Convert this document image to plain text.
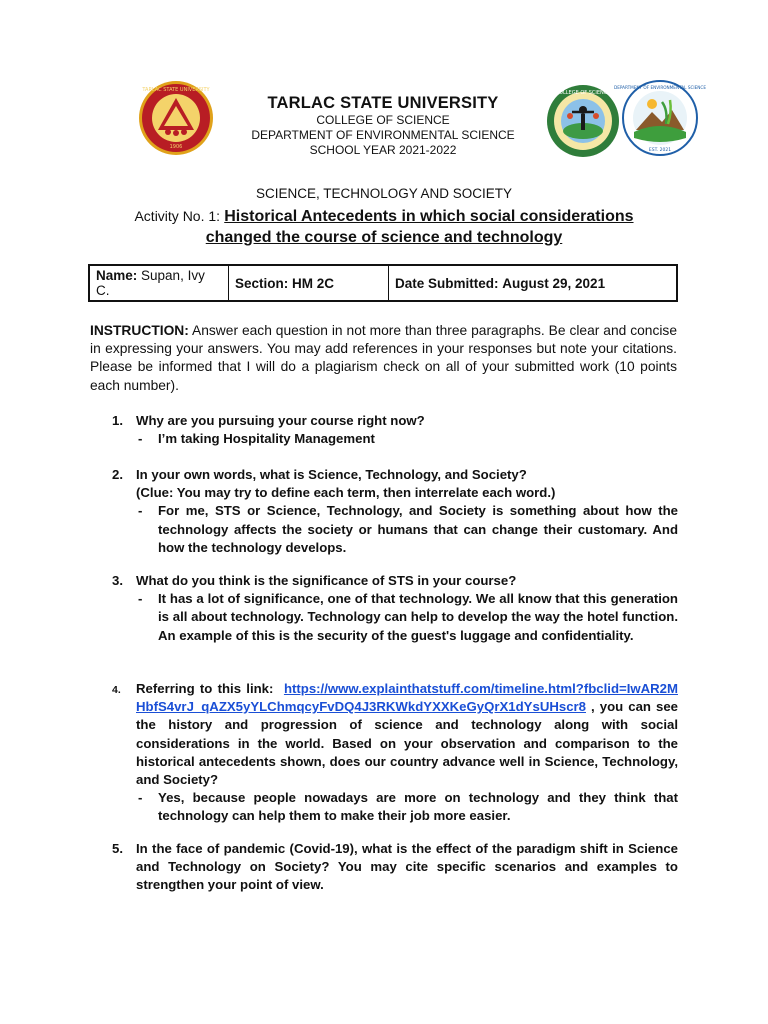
1906
TARLAC STATE UNIVERSITY
TARLAC STATE UNIVERSITY
COLLEGE OF SCIENCE
DEPARTMENT OF ENVIRONMENTAL SCIENCE
SCHOOL YEAR 2021-2022
COLLEGE OF SCIENCE
DEPARTMENT OF ENVIRONMENTAL SCIENCE
EST. 2021
SCIENCE, TECHNOLOGY AND SOCIETY
Activity No. 1: Historical Antecedents in which social considerations
changed the course of science and technology
Name: Supan, Ivy C.	Section:
HM 2C	Date Submitted:
August 29, 2021
INSTRUCTION: Answer each question in not more than three paragraphs. Be clear and concise in expressing your answers. You may add references in your responses but note your citations. Please be informed that I will do a plagiarism check on all of your submitted work (10 points each number).
1. Why are you pursuing your course right now?
- I’m taking Hospitality Management
2. In your own words, what is Science, Technology, and Society?
(Clue: You may try to define each term, then interrelate each word.)
- For me, STS or Science, Technology, and Society is something about how the technology affects the society or humans that can change their customary. And how the technology develops.
3. What do you think is the significance of STS in your course?
- It has a lot of significance, one of that technology. We all know that this generation is all about technology. Technology can help to develop the way the hotel function. An example of this is the security of the guest's luggage and confidentiality.
4. Referring to this link: https://www.explainthatstuff.com/timeline.html?fbclid=IwAR2MHbfS4vrJ_qAZX5yYLChmqcyFvDQ4J3RKWkdYXXKeGyQrX1dYsUHscr8 , you can see the history and progression of science and technology along with social considerations in the world. Based on your observation and comparison to the historical antecedents shown, does our country advance well in Science, Technology, and Society?
- Yes, because people nowadays are more on technology and they think that technology can help them to make their job more easier.
5. In the face of pandemic (Covid-19), what is the effect of the paradigm shift in Science and Technology on Society? You may cite specific scenarios and examples to strengthen your point of view.
